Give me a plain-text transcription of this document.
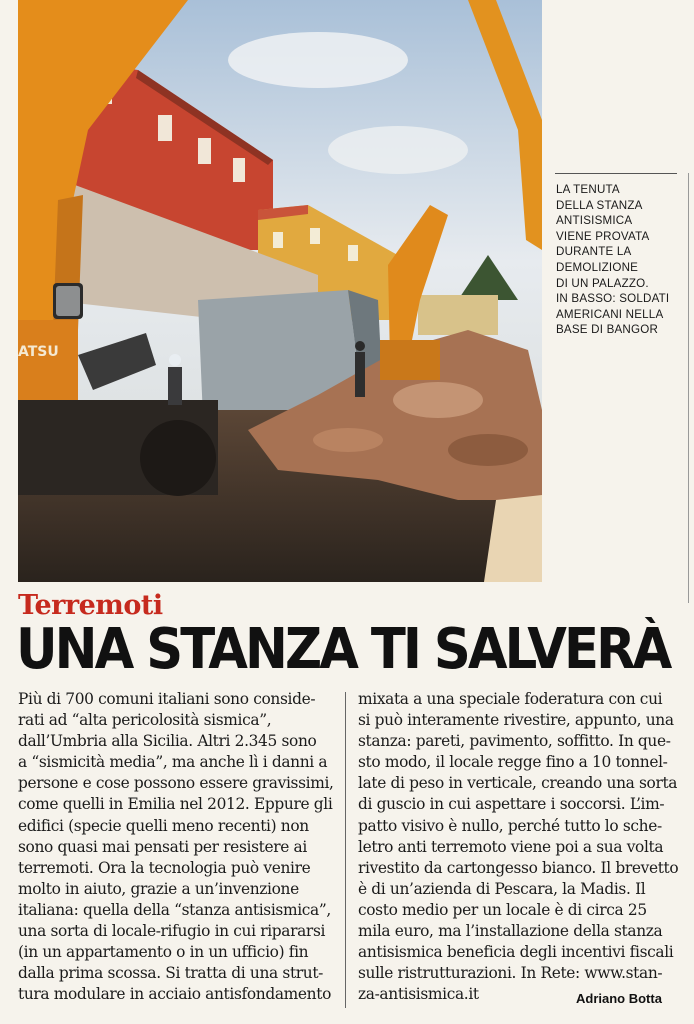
ATSU
LA TENUTA
DELLA STANZA
ANTISISMICA
VIENE PROVATA
DURANTE LA
DEMOLIZIONE
DI UN PALAZZO.
IN BASSO: SOLDATI
AMERICANI NELLA
BASE DI BANGOR
Terremoti
UNA STANZA TI SALVERÀ
Più di 700 comuni italiani sono conside-
rati ad “alta pericolosità sismica”,
dall’Umbria alla Sicilia. Altri 2.345 sono
a “sismicità media”, ma anche lì i danni a
persone e cose possono essere gravissimi,
come quelli in Emilia nel 2012. Eppure gli
edifici (specie quelli meno recenti) non
sono quasi mai pensati per resistere ai
terremoti. Ora la tecnologia può venire
molto in aiuto, grazie a un’invenzione
italiana: quella della “stanza antisismica”,
una sorta di locale-rifugio in cui ripararsi
(in un appartamento o in un ufficio) fin
dalla prima scossa. Si tratta di una strut-
tura modulare in acciaio antisfondamento
mixata a una speciale foderatura con cui
si può interamente rivestire, appunto, una
stanza: pareti, pavimento, soffitto. In que-
sto modo, il locale regge fino a 10 tonnel-
late di peso in verticale, creando una sorta
di guscio in cui aspettare i soccorsi. L’im-
patto visivo è nullo, perché tutto lo sche-
letro anti terremoto viene poi a sua volta
rivestito da cartongesso bianco. Il brevetto
è di un’azienda di Pescara, la Madis. Il
costo medio per un locale è di circa 25
mila euro, ma l’installazione della stanza
antisismica beneficia degli incentivi fiscali
sulle ristrutturazioni. In Rete: www.stan-
za-antisismica.it	Adriano Botta
